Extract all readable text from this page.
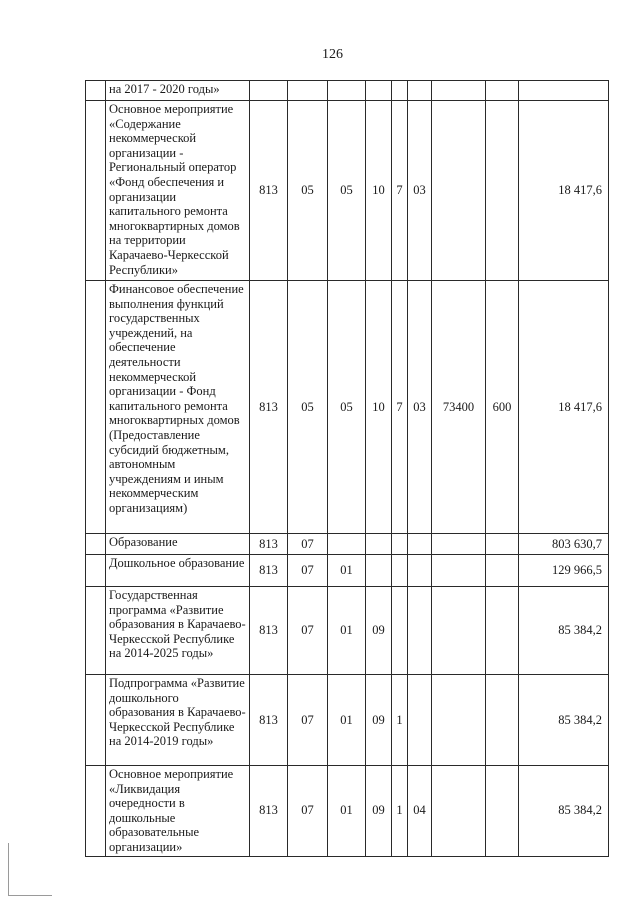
126
	на 2017 - 2020 годы»									
	Основное мероприятие «Содержание некоммерческой организации - Региональный оператор «Фонд обеспечения и организации капитального ремонта многоквартирных домов на территории Карачаево-Черкесской Республики»	813	05	05	10	7	03			18 417,6
	Финансовое обеспечение выполнения функций государственных учреждений, на обеспечение деятельности некоммерческой организации - Фонд капитального ремонта многоквартирных домов (Предоставление субсидий бюджетным, автономным учреждениям и иным некоммерческим организациям)	813	05	05	10	7	03	73400	600	18 417,6
	Образование	813	07							803 630,7
	Дошкольное образование	813	07	01						129 966,5
	Государственная программа «Развитие образования в Карачаево-Черкесской Республике на 2014-2025 годы»	813	07	01	09					85 384,2
	Подпрограмма «Развитие дошкольного образования в Карачаево-Черкесской Республике на 2014-2019 годы»	813	07	01	09	1				85 384,2
	Основное мероприятие «Ликвидация очередности в дошкольные образовательные организации»	813	07	01	09	1	04			85 384,2
